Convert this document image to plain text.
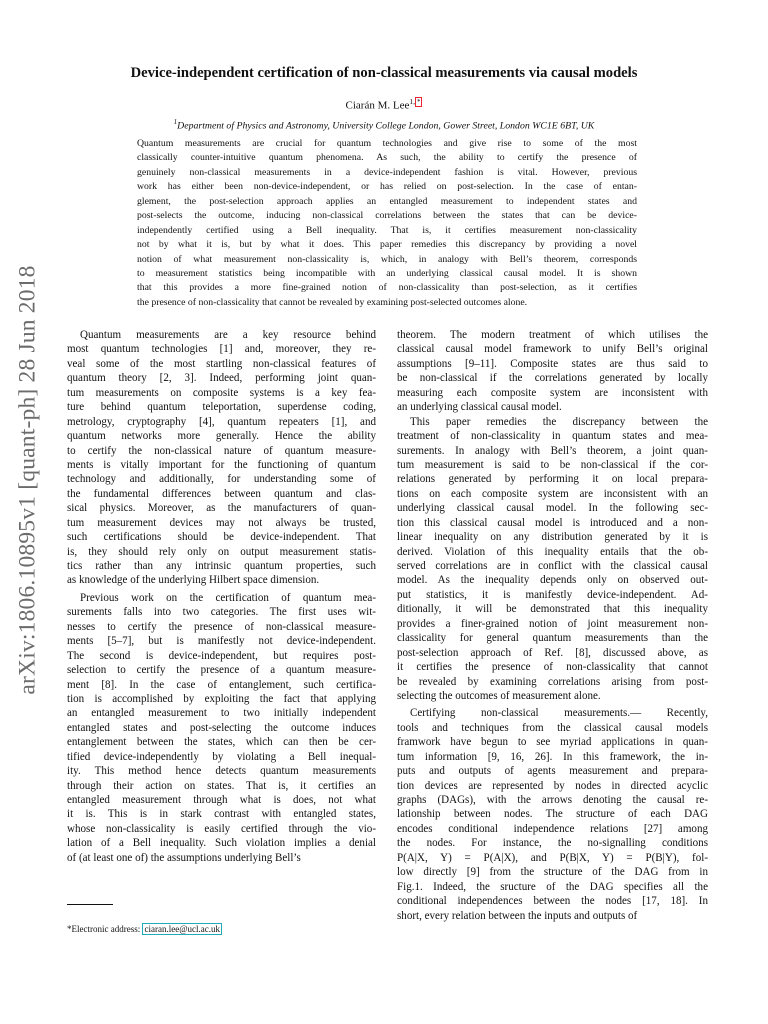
arXiv:1806.10895v1 [quant-ph] 28 Jun 2018
Device-independent certification of non-classical measurements via causal models
Ciarán M. Lee$^{1,}$ *
$^1$Department of Physics and Astronomy, University College London, Gower Street, London WC1E 6BT, UK
Quantum measurements are crucial for quantum technologies and give rise to some of the most
classically counter-intuitive quantum phenomena. As such, the ability to certify the presence of
genuinely non-classical measurements in a device-independent fashion is vital. However, previous
work has either been non-device-independent, or has relied on post-selection. In the case of entan-
glement, the post-selection approach applies an entangled measurement to independent states and
post-selects the outcome, inducing non-classical correlations between the states that can be device-
independently certified using a Bell inequality. That is, it certifies measurement non-classicality
not by what it is, but by what it does. This paper remedies this discrepancy by providing a novel
notion of what measurement non-classicality is, which, in analogy with Bell’s theorem, corresponds
to measurement statistics being incompatible with an underlying classical causal model. It is shown
that this provides a more fine-grained notion of non-classicality than post-selection, as it certifies
the presence of non-classicality that cannot be revealed by examining post-selected outcomes alone.
Quantum measurements are a key resource behind
most quantum technologies [1] and, moreover, they re-
veal some of the most startling non-classical features of
quantum theory [2, 3]. Indeed, performing joint quan-
tum measurements on composite systems is a key fea-
ture behind quantum teleportation, superdense coding,
metrology, cryptography [4], quantum repeaters [1], and
quantum networks more generally. Hence the ability
to certify the non-classical nature of quantum measure-
ments is vitally important for the functioning of quantum
technology and additionally, for understanding some of
the fundamental differences between quantum and clas-
sical physics. Moreover, as the manufacturers of quan-
tum measurement devices may not always be trusted,
such certifications should be device-independent. That
is, they should rely only on output measurement statis-
tics rather than any intrinsic quantum properties, such
as knowledge of the underlying Hilbert space dimension.
Previous work on the certification of quantum mea-
surements falls into two categories. The first uses wit-
nesses to certify the presence of non-classical measure-
ments [5–7], but is manifestly not device-independent.
The second is device-independent, but requires post-
selection to certify the presence of a quantum measure-
ment [8]. In the case of entanglement, such certifica-
tion is accomplished by exploiting the fact that applying
an entangled measurement to two initially independent
entangled states and post-selecting the outcome induces
entanglement between the states, which can then be cer-
tified device-independently by violating a Bell inequal-
ity. This method hence detects quantum measurements
through their action on states. That is, it certifies an
entangled measurement through what is does, not what
it is. This is in stark contrast with entangled states,
whose non-classicality is easily certified through the vio-
lation of a Bell inequality. Such violation implies a denial
of (at least one of) the assumptions underlying Bell’s
theorem. The modern treatment of which utilises the
classical causal model framework to unify Bell’s original
assumptions [9–11]. Composite states are thus said to
be non-classical if the correlations generated by locally
measuring each composite system are inconsistent with
an underlying classical causal model.
This paper remedies the discrepancy between the
treatment of non-classicality in quantum states and mea-
surements. In analogy with Bell’s theorem, a joint quan-
tum measurement is said to be non-classical if the cor-
relations generated by performing it on local prepara-
tions on each composite system are inconsistent with an
underlying classical causal model. In the following sec-
tion this classical causal model is introduced and a non-
linear inequality on any distribution generated by it is
derived. Violation of this inequality entails that the ob-
served correlations are in conflict with the classical causal
model. As the inequality depends only on observed out-
put statistics, it is manifestly device-independent. Ad-
ditionally, it will be demonstrated that this inequality
provides a finer-grained notion of joint measurement non-
classicality for general quantum measurements than the
post-selection approach of Ref. [8], discussed above, as
it certifies the presence of non-classicality that cannot
be revealed by examining correlations arising from post-
selecting the outcomes of measurement alone.
Certifying non-classical measurements.— Recently,
tools and techniques from the classical causal models
framwork have begun to see myriad applications in quan-
tum information [9, 16, 26]. In this framework, the in-
puts and outputs of agents measurement and prepara-
tion devices are represented by nodes in directed acyclic
graphs (DAGs), with the arrows denoting the causal re-
lationship between nodes. The structure of each DAG
encodes conditional independence relations [27] among
the nodes. For instance, the no-signalling conditions
P(A|X, Y) = P(A|X), and P(B|X, Y) = P(B|Y), fol-
low directly [9] from the structure of the DAG from in
Fig.1. Indeed, the sructure of the DAG specifies all the
conditional independences between the nodes [17, 18]. In
short, every relation between the inputs and outputs of
*Electronic address: ciaran.lee@ucl.ac.uk
